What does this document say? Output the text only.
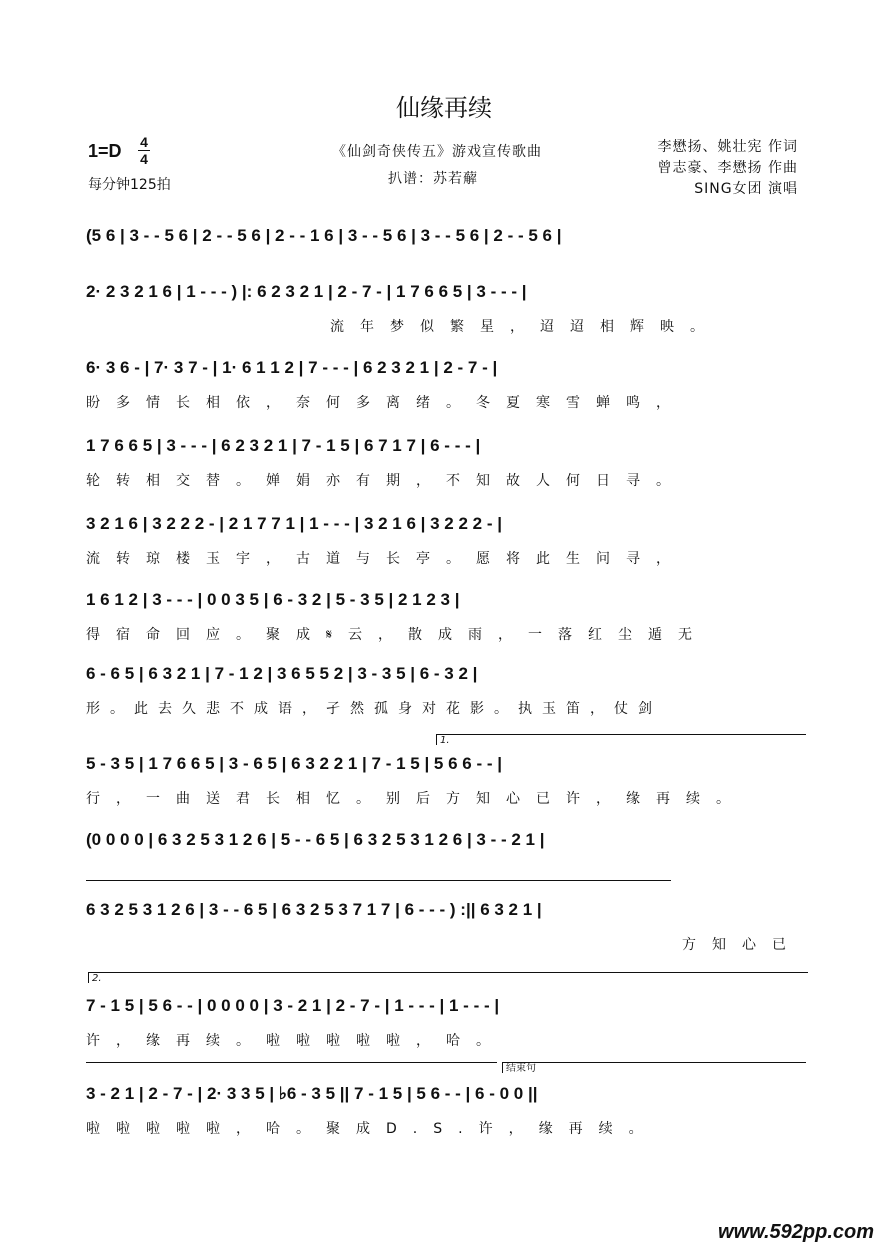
仙缘再续
1=D 4
4
每分钟125拍
《仙剑奇侠传五》游戏宣传歌曲
扒谱：苏若薢
李懋扬、姚壮宪 作词
曾志豪、李懋扬 作曲
SING女团 演唱
(5 6 | 3 - - 5 6 | 2 - - 5 6 | 2 - - 1 6 | 3 - - 5 6 | 3 - - 5 6 | 2 - - 5 6 |
2· 2 3 2 1 6 | 1 - - - ) |: 6 2 3 2 1 | 2 - 7 - | 1 7 6 6 5 | 3 - - - |
流年梦似繁星，迢迢相辉映。
6· 3 6 - | 7· 3 7 - | 1· 6 1 1 2 | 7 - - - | 6 2 3 2 1 | 2 - 7 - |
盼多情长相依，奈何多离绪。冬夏寒雪蝉鸣，
1 7 6 6 5 | 3 - - - | 6 2 3 2 1 | 7 - 1 5 | 6 7 1 7 | 6 - - - |
轮转相交替。婵娟亦有期，不知故人何日寻。
3 2 1 6 | 3 2 2 2 - | 2 1 7 7 1 | 1 - - - | 3 2 1 6 | 3 2 2 2 - |
流转琼楼玉宇，古道与长亭。愿将此生问寻，
1 6 1 2 | 3 - - - | 0 0 3 5 | 6 - 3 2 | 5 - 3 5 | 2 1 2 3 |
得宿命回应。聚成𝄋云，散成雨，一落红尘遁无
6 - 6 5 | 6 3 2 1 | 7 - 1 2 | 3 6 5 5 2 | 3 - 3 5 | 6 - 3 2 |
形。此去久悲不成语，孑然孤身对花影。执玉笛，仗剑
1.
5 - 3 5 | 1 7 6 6 5 | 3 - 6 5 | 6 3 2 2 1 | 7 - 1 5 | 5 6 6 - - |
行，一曲送君长相忆。别后方知心已许，缘再续。
(0 0 0 0 | 6 3 2 5 3 1 2 6 | 5 - - 6 5 | 6 3 2 5 3 1 2 6 | 3 - - 2 1 |
6 3 2 5 3 1 2 6 | 3 - - 6 5 | 6 3 2 5 3 7 1 7 | 6 - - - ) :|| 6 3 2 1 |
方知心已
2.
7 - 1 5 | 5 6 - - | 0 0 0 0 | 3 - 2 1 | 2 - 7 - | 1 - - - | 1 - - - |
许，缘再续。啦啦啦啦啦，哈。
结束句
3 - 2 1 | 2 - 7 - | 2· 3 3 5 | ♭6 - 3 5 || 7 - 1 5 | 5 6 - - | 6 - 0 0 ||
啦啦啦啦啦，哈。聚成D.S.许，缘再续。
www.592pp.com
